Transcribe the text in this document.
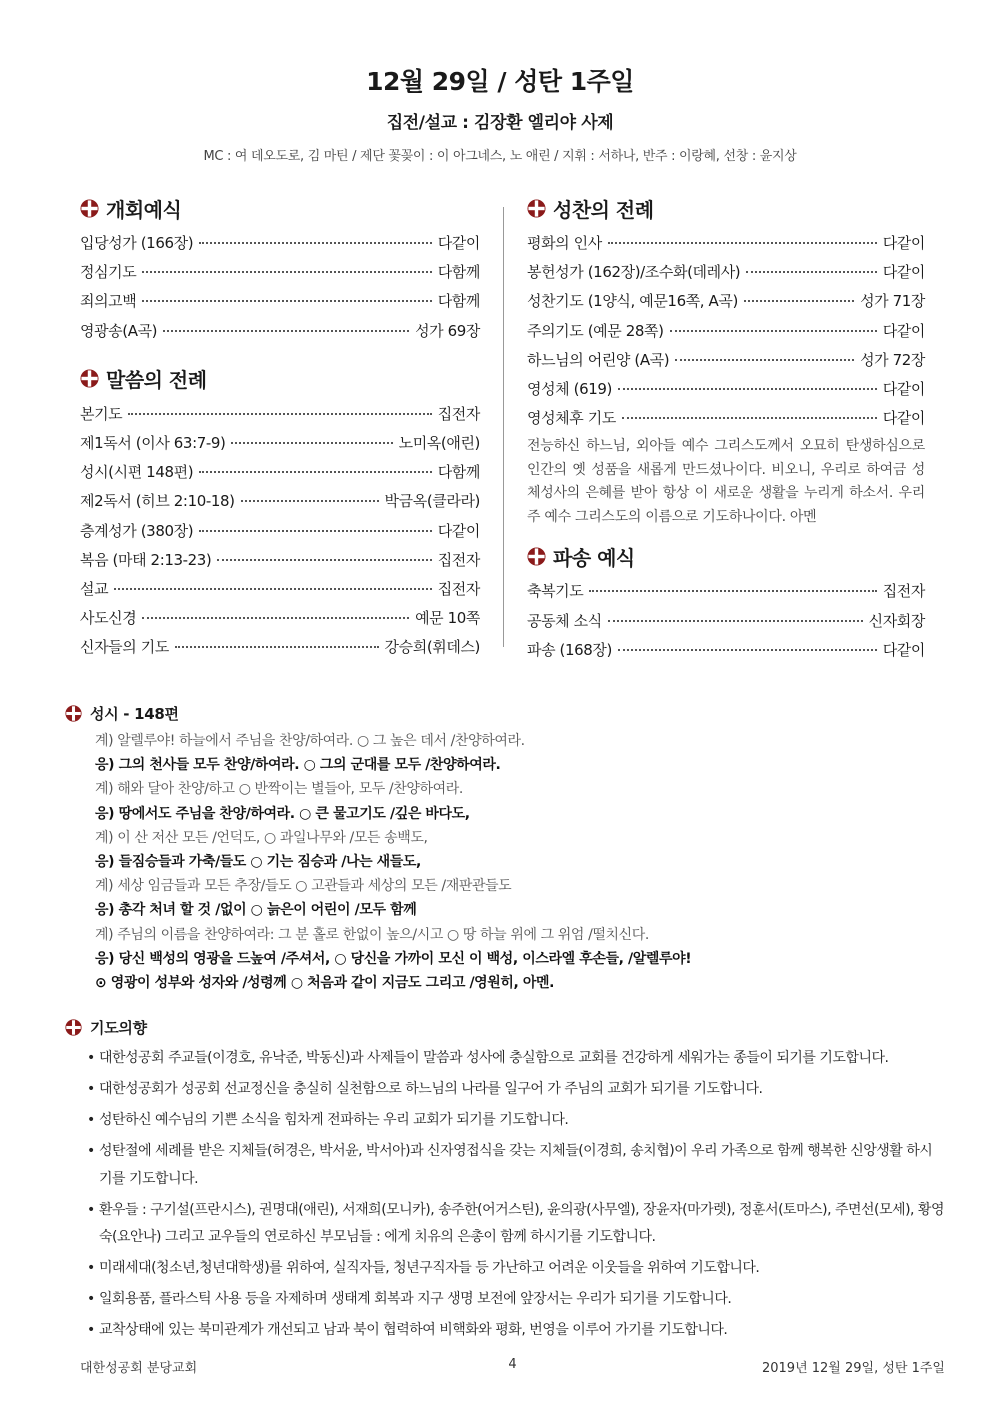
12월 29일 / 성탄 1주일
집전/설교 : 김장환 엘리야 사제
MC : 여 데오도로, 김 마틴 / 제단 꽃꽂이 : 이 아그네스, 노 애린 / 지휘 : 서하나, 반주 : 이랑혜, 선창 : 윤지상
개회예식
입당성가 (166장)	다같이
정심기도	다함께
죄의고백	다함께
영광송(A곡)	성가 69장
말씀의 전례
본기도	집전자
제1독서 (이사 63:7-9)	노미옥(애린)
성시(시편 148편)	다함께
제2독서 (히브 2:10-18)	박금옥(클라라)
층계성가 (380장)	다같이
복음 (마태 2:13-23)	집전자
설교	집전자
사도신경	예문 10쪽
신자들의 기도	강승희(휘데스)
성찬의 전례
평화의 인사	다같이
봉헌성가 (162장)/조수화(데레사)	다같이
성찬기도 (1양식, 예문16쪽, A곡)	성가 71장
주의기도 (예문 28쪽)	다같이
하느님의 어린양 (A곡)	성가 72장
영성체 (619)	다같이
영성체후 기도	다같이

전능하신 하느님, 외아들 예수 그리스도께서 오묘히 탄생하심으로 인간의 옛 성품을 새롭게 만드셨나이다. 비오니, 우리로 하여금 성체성사의 은혜를 받아 항상 이 새로운 생활을 누리게 하소서. 우리 주 예수 그리스도의 이름으로 기도하나이다. 아멘

파송 예식
축복기도	집전자
공동체 소식	신자회장
파송 (168장)	다같이
성시 - 148편
계) 알렐루야! 하늘에서 주님을 찬양/하여라. ○ 그 높은 데서 /찬양하여라.
응) 그의 천사들 모두 찬양/하여라. ○ 그의 군대를 모두 /찬양하여라.
계) 해와 달아 찬양/하고 ○ 반짝이는 별들아, 모두 /찬양하여라.
응) 땅에서도 주님을 찬양/하여라. ○ 큰 물고기도 /깊은 바다도,
계) 이 산 저산 모든 /언덕도, ○ 과일나무와 /모든 송백도,
응) 들짐승들과 가축/들도 ○ 기는 짐승과 /나는 새들도,
계) 세상 임금들과 모든 추장/들도 ○ 고관들과 세상의 모든 /재판관들도
응) 총각 처녀 할 것 /없이 ○ 늙은이 어린이 /모두 함께
계) 주님의 이름을 찬양하여라: 그 분 홀로 한없이 높으/시고 ○ 땅 하늘 위에 그 위엄 /떨치신다.
응) 당신 백성의 영광을 드높여 /주셔서, ○ 당신을 가까이 모신 이 백성, 이스라엘 후손들, /알렐루야!
⊙ 영광이 성부와 성자와 /성령께 ○ 처음과 같이 지금도 그리고 /영원히, 아멘.
기도의향
• 대한성공회 주교들(이경호, 유낙준, 박동신)과 사제들이 말씀과 성사에 충실함으로 교회를 건강하게 세워가는 종들이 되기를 기도합니다.
• 대한성공회가 성공회 선교정신을 충실히 실천함으로 하느님의 나라를 일구어 가 주님의 교회가 되기를 기도합니다.
• 성탄하신 예수님의 기쁜 소식을 힘차게 전파하는 우리 교회가 되기를 기도합니다.
• 성탄절에 세례를 받은 지체들(허경은, 박서윤, 박서아)과 신자영접식을 갖는 지체들(이경희, 송치협)이 우리 가족으로 함께 행복한 신앙생활 하시기를 기도합니다.
• 환우들 : 구기설(프란시스), 권명대(애린), 서재희(모니카), 송주한(어거스틴), 윤의광(사무엘), 장윤자(마가렛), 정훈서(토마스), 주면선(모세), 황영숙(요안나) 그리고 교우들의 연로하신 부모님들 : 에게 치유의 은총이 함께 하시기를 기도합니다.
• 미래세대(청소년,청년대학생)를 위하여, 실직자들, 청년구직자들 등 가난하고 어려운 이웃들을 위하여 기도합니다.
• 일회용품, 플라스틱 사용 등을 자제하며 생태계 회복과 지구 생명 보전에 앞장서는 우리가 되기를 기도합니다.
• 교착상태에 있는 북미관계가 개선되고 남과 북이 협력하여 비핵화와 평화, 번영을 이루어 가기를 기도합니다.
대한성공회 분당교회	4	2019년 12월 29일, 성탄 1주일
